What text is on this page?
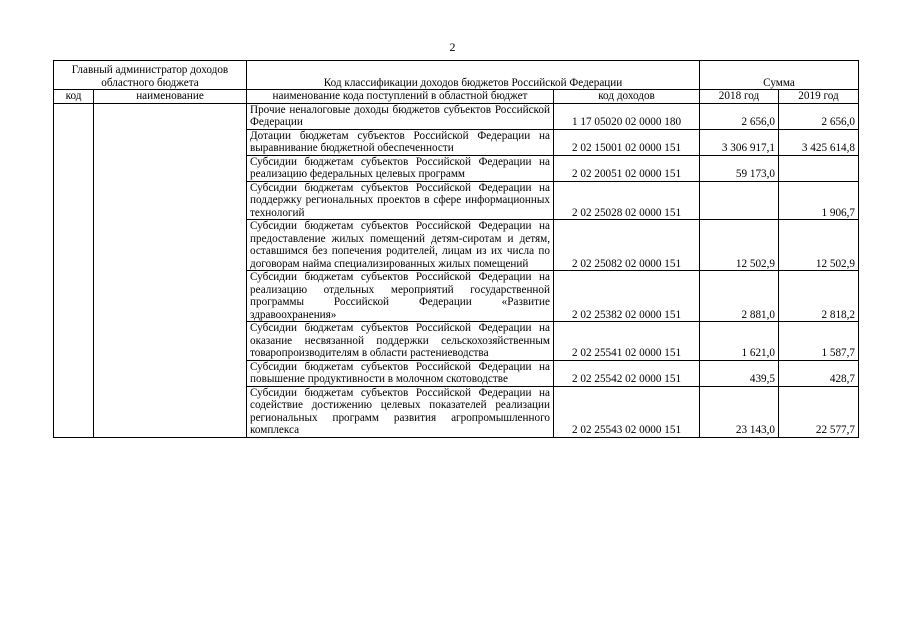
2
Главный администратор доходов областного бюджета		Код классификации доходов бюджетов Российской Федерации		Сумма	
код	наименование	наименование кода поступлений в областной бюджет	код доходов	2018 год	2019 год
		Прочие неналоговые доходы бюджетов субъектов Российской Федерации	1 17 05020 02 0000 180	2 656,0	2 656,0
		Дотации бюджетам субъектов Российской Федерации на выравнивание бюджетной обеспеченности	2 02 15001 02 0000 151	3 306 917,1	3 425 614,8
		Субсидии бюджетам субъектов Российской Федерации на реализацию федеральных целевых программ	2 02 20051 02 0000 151	59 173,0	
		Субсидии бюджетам субъектов Российской Федерации на поддержку региональных проектов в сфере информационных технологий	2 02 25028 02 0000 151		1 906,7
		Субсидии бюджетам субъектов Российской Федерации на предоставление жилых помещений детям-сиротам и детям, оставшимся без попечения родителей, лицам из их числа по договорам найма специализированных жилых помещений	2 02 25082 02 0000 151	12 502,9	12 502,9
		Субсидии бюджетам субъектов Российской Федерации на реализацию отдельных мероприятий государственной программы Российской Федерации «Развитие здравоохранения»	2 02 25382 02 0000 151	2 881,0	2 818,2
		Субсидии бюджетам субъектов Российской Федерации на оказание несвязанной поддержки сельскохозяйственным товаропроизводителям в области растениеводства	2 02 25541 02 0000 151	1 621,0	1 587,7
		Субсидии бюджетам субъектов Российской Федерации на повышение продуктивности в молочном скотоводстве	2 02 25542 02 0000 151	439,5	428,7
		Субсидии бюджетам субъектов Российской Федерации на содействие достижению целевых показателей реализации региональных программ развития агропромышленного комплекса	2 02 25543 02 0000 151	23 143,0	22 577,7
